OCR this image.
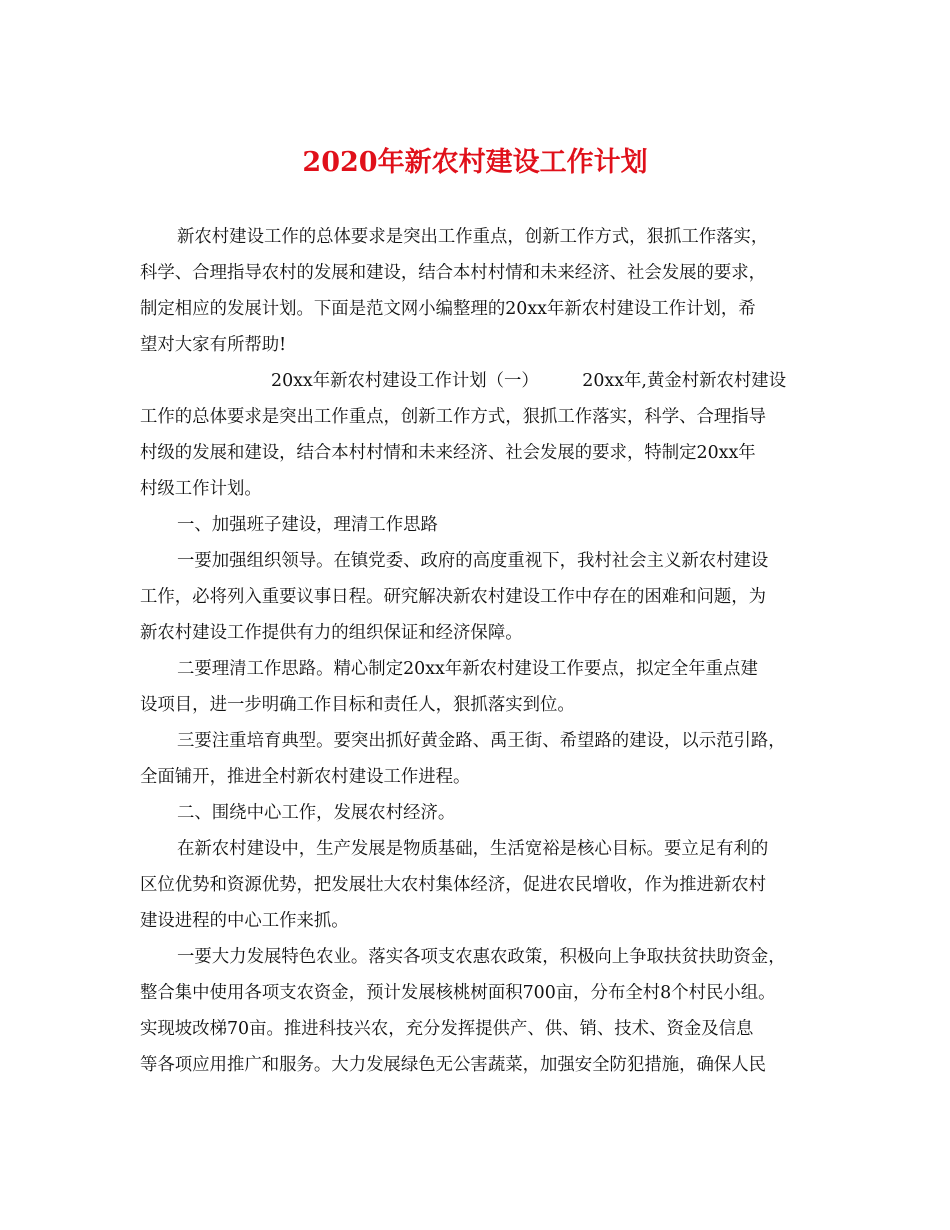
2020年新农村建设工作计划
新农村建设工作的总体要求是突出工作重点，创新工作方式，狠抓工作落实，
科学、合理指导农村的发展和建设，结合本村村情和未来经济、社会发展的要求，
制定相应的发展计划。下面是范文网小编整理的20xx年新农村建设工作计划，希
望对大家有所帮助!
20xx年新农村建设工作计划（一）　　　20xx年,黄金村新农村建设
工作的总体要求是突出工作重点，创新工作方式，狠抓工作落实，科学、合理指导
村级的发展和建设，结合本村村情和未来经济、社会发展的要求，特制定20xx年
村级工作计划。
一、加强班子建设，理清工作思路
一要加强组织领导。在镇党委、政府的高度重视下，我村社会主义新农村建设
工作，必将列入重要议事日程。研究解决新农村建设工作中存在的困难和问题，为
新农村建设工作提供有力的组织保证和经济保障。
二要理清工作思路。精心制定20xx年新农村建设工作要点，拟定全年重点建
设项目，进一步明确工作目标和责任人，狠抓落实到位。
三要注重培育典型。要突出抓好黄金路、禹王街、希望路的建设，以示范引路，
全面铺开，推进全村新农村建设工作进程。
二、围绕中心工作，发展农村经济。
在新农村建设中，生产发展是物质基础，生活宽裕是核心目标。要立足有利的
区位优势和资源优势，把发展壮大农村集体经济，促进农民增收，作为推进新农村
建设进程的中心工作来抓。
一要大力发展特色农业。落实各项支农惠农政策，积极向上争取扶贫扶助资金，
整合集中使用各项支农资金，预计发展核桃树面积700亩，分布全村8个村民小组。
实现坡改梯70亩。推进科技兴农，充分发挥提供产、供、销、技术、资金及信息
等各项应用推广和服务。大力发展绿色无公害蔬菜，加强安全防犯措施，确保人民
